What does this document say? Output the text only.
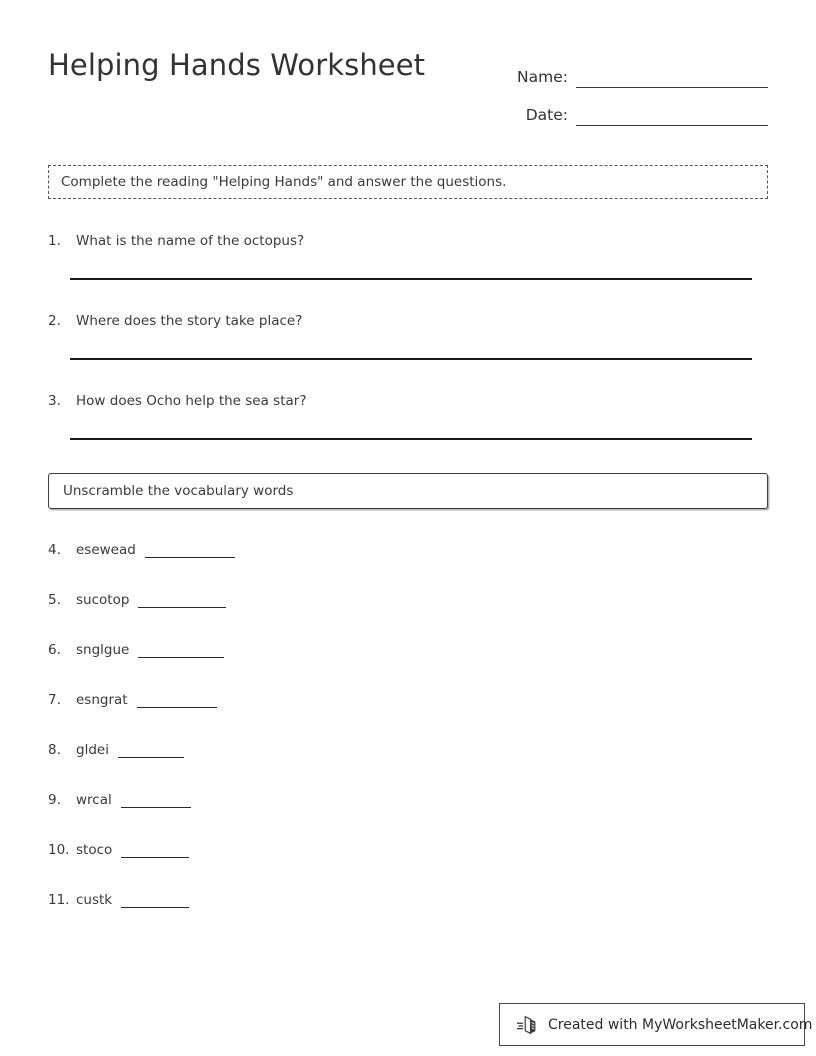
Helping Hands Worksheet	Name:
Date:
Complete the reading "Helping Hands" and answer the questions.
1.	What is the name of the octopus?
2.	Where does the story take place?
3.	How does Ocho help the sea star?
Unscramble the vocabulary words
4.	esewead
5.	sucotop
6.	snglgue
7.	esngrat
8.	gldei
9.	wrcal
10. stoco
11. custk
Created with MyWorksheetMaker.com
